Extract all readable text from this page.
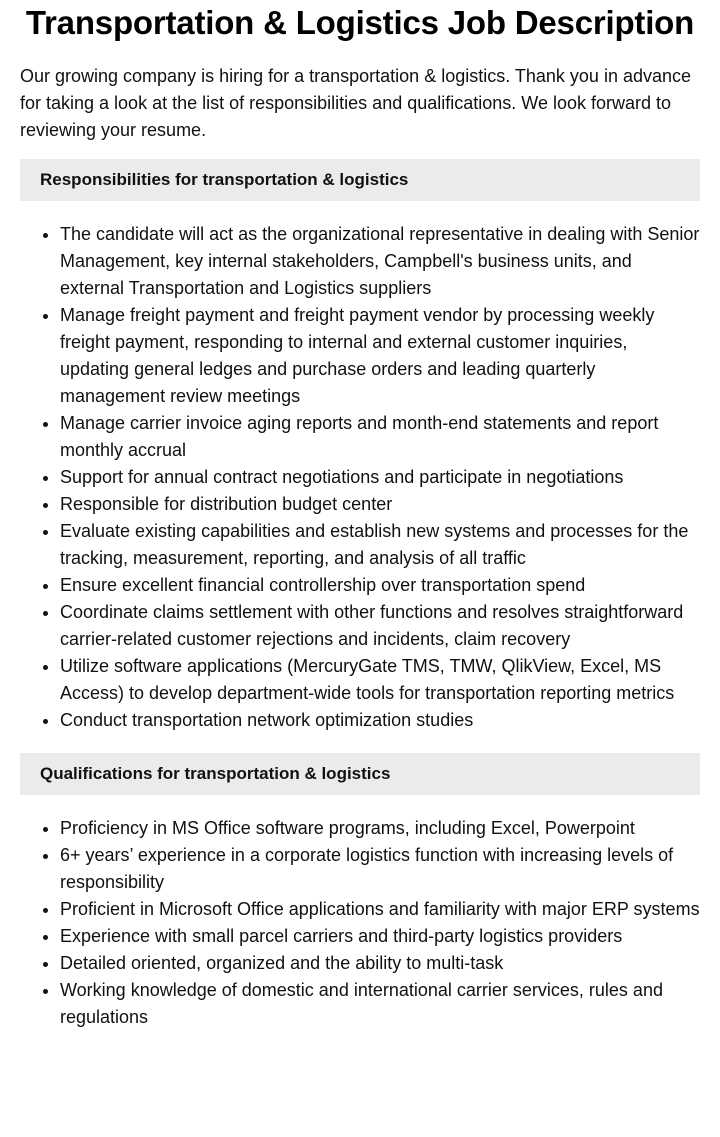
Transportation & Logistics Job Description

Our growing company is hiring for a transportation & logistics. Thank you in advance for taking a look at the list of responsibilities and qualifications. We look forward to reviewing your resume.

Responsibilities for transportation & logistics
• The candidate will act as the organizational representative in dealing with Senior Management, key internal stakeholders, Campbell's business units, and external Transportation and Logistics suppliers
• Manage freight payment and freight payment vendor by processing weekly freight payment, responding to internal and external customer inquiries, updating general ledges and purchase orders and leading quarterly management review meetings
• Manage carrier invoice aging reports and month-end statements and report monthly accrual
• Support for annual contract negotiations and participate in negotiations
• Responsible for distribution budget center
• Evaluate existing capabilities and establish new systems and processes for the tracking, measurement, reporting, and analysis of all traffic
• Ensure excellent financial controllership over transportation spend
• Coordinate claims settlement with other functions and resolves straightforward carrier-related customer rejections and incidents, claim recovery
• Utilize software applications (MercuryGate TMS, TMW, QlikView, Excel, MS Access) to develop department-wide tools for transportation reporting metrics
• Conduct transportation network optimization studies
Qualifications for transportation & logistics
• Proficiency in MS Office software programs, including Excel, Powerpoint
• 6+ years’ experience in a corporate logistics function with increasing levels of responsibility
• Proficient in Microsoft Office applications and familiarity with major ERP systems
• Experience with small parcel carriers and third-party logistics providers
• Detailed oriented, organized and the ability to multi-task
• Working knowledge of domestic and international carrier services, rules and regulations
